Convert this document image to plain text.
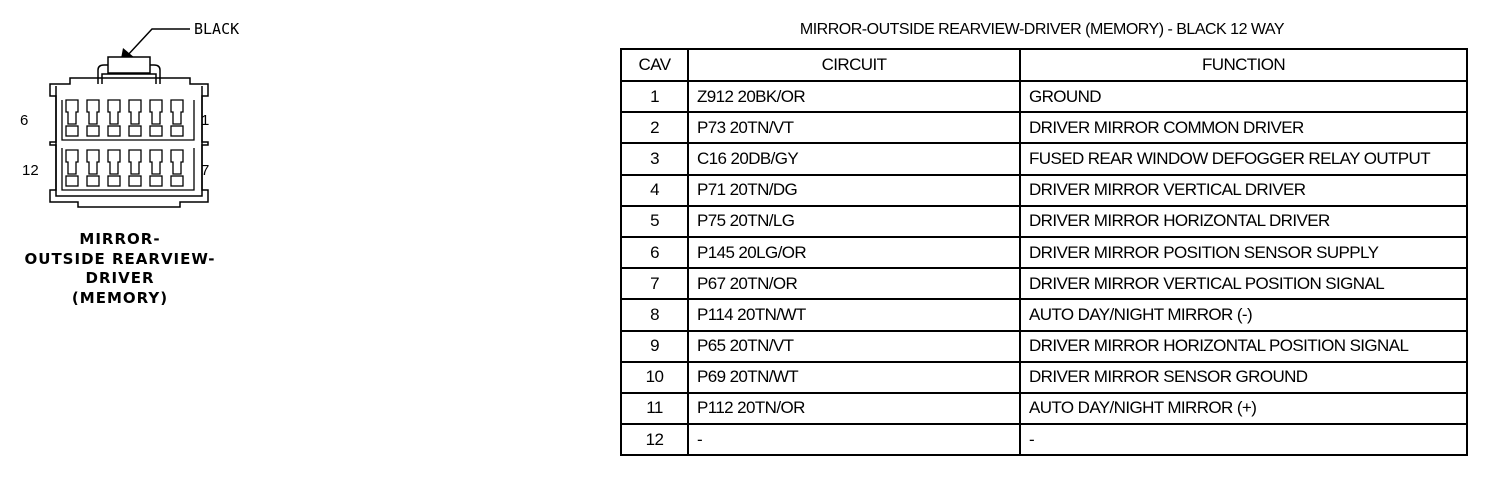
BLACK
6	1
12	7
MIRROR-
OUTSIDE REARVIEW-
DRIVER
(MEMORY)
MIRROR-OUTSIDE REARVIEW-DRIVER (MEMORY) - BLACK 12 WAY
CAV	CIRCUIT	FUNCTION
1	Z912 20BK/OR	GROUND
2	P73 20TN/VT	DRIVER MIRROR COMMON DRIVER
3	C16 20DB/GY	FUSED REAR WINDOW DEFOGGER RELAY OUTPUT
4	P71 20TN/DG	DRIVER MIRROR VERTICAL DRIVER
5	P75 20TN/LG	DRIVER MIRROR HORIZONTAL DRIVER
6	P145 20LG/OR	DRIVER MIRROR POSITION SENSOR SUPPLY
7	P67 20TN/OR	DRIVER MIRROR VERTICAL POSITION SIGNAL
8	P114 20TN/WT	AUTO DAY/NIGHT MIRROR (-)
9	P65 20TN/VT	DRIVER MIRROR HORIZONTAL POSITION SIGNAL
10	P69 20TN/WT	DRIVER MIRROR SENSOR GROUND
11	P112 20TN/OR	AUTO DAY/NIGHT MIRROR (+)
12	-	-
